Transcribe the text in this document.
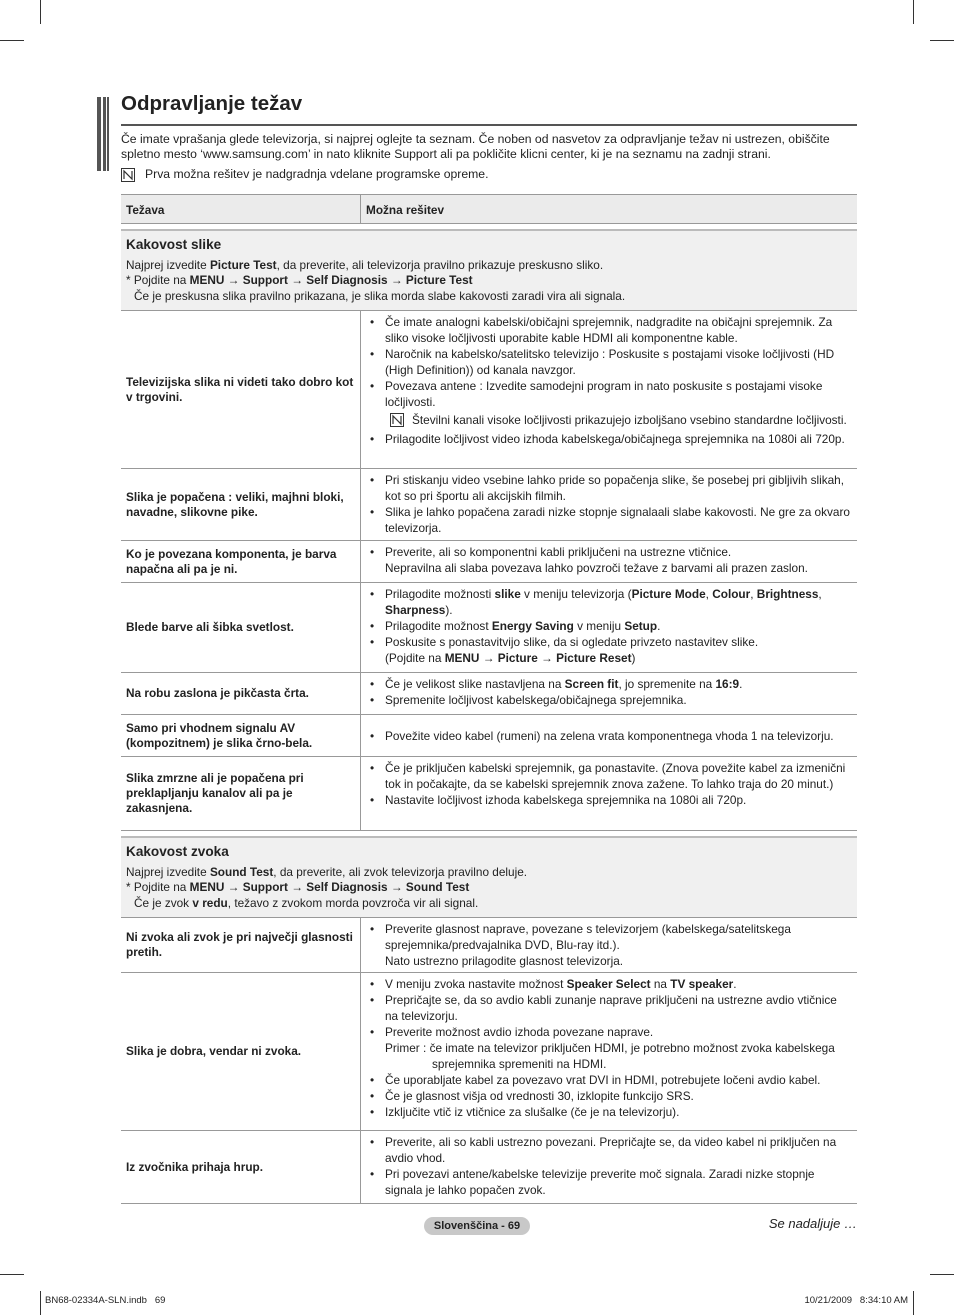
Odpravljanje težav
Če imate vprašanja glede televizorja, si najprej oglejte ta seznam. Če noben od nasvetov za odpravljanje težav ni ustrezen, obiščite spletno mesto ‘www.samsung.com’ in nato kliknite Support ali pa pokličite klicni center, ki je na seznamu na zadnji strani.
Prva možna rešitev je nadgradnja vdelane programske opreme.
Težava	Možna rešitev
Kakovost slike
Najprej izvedite Picture Test, da preverite, ali televizorja pravilno prikazuje preskusno sliko.
* Pojdite na MENU → Support → Self Diagnosis → Picture Test
Če je preskusna slika pravilno prikazana, je slika morda slabe kakovosti zaradi vira ali signala.
Televizijska slika ni videti tako dobro kot v trgovini.
• Če imate analogni kabelski/običajni sprejemnik, nadgradite na običajni sprejemnik. Za sliko visoke ločljivosti uporabite kable HDMI ali komponentne kable.
• Naročnik na kabelsko/satelitsko televizijo : Poskusite s postajami visoke ločljivosti (HD (High Definition)) od kanala navzgor.
• Povezava antene : Izvedite samodejni program in nato poskusite s postajami visoke ločljivosti.
Številni kanali visoke ločljivosti prikazujejo izboljšano vsebino standardne ločljivosti.
• Prilagodite ločljivost video izhoda kabelskega/običajnega sprejemnika na 1080i ali 720p.
Slika je popačena : veliki, majhni bloki, navadne, slikovne pike.
• Pri stiskanju video vsebine lahko pride so popačenja slike, še posebej pri gibljivih slikah, kot so pri športu ali akcijskih filmih.
• Slika je lahko popačena zaradi nizke stopnje signalaali slabe kakovosti. Ne gre za okvaro televizorja.
Ko je povezana komponenta, je barva napačna ali pa je ni.
• Preverite, ali so komponentni kabli priključeni na ustrezne vtičnice.
Nepravilna ali slaba povezava lahko povzroči težave z barvami ali prazen zaslon.
Blede barve ali šibka svetlost.
• Prilagodite možnosti slike v meniju televizorja (Picture Mode, Colour, Brightness, Sharpness).
• Prilagodite možnost Energy Saving v meniju Setup.
• Poskusite s ponastavitvijo slike, da si ogledate privzeto nastavitev slike.
(Pojdite na MENU → Picture → Picture Reset)
Na robu zaslona je pikčasta črta.
• Če je velikost slike nastavljena na Screen fit, jo spremenite na 16:9.
• Spremenite ločljivost kabelskega/običajnega sprejemnika.
Samo pri vhodnem signalu AV (kompozitnem) je slika črno-bela.
•	Povežite video kabel (rumeni) na zelena vrata komponentnega vhoda 1 na televizorju.
Slika zmrzne ali je popačena pri preklapljanju kanalov ali pa je zakasnjena.
• Če je priključen kabelski sprejemnik, ga ponastavite. (Znova povežite kabel za izmenični tok in počakajte, da se kabelski sprejemnik znova zažene. To lahko traja do 20 minut.)
• Nastavite ločljivost izhoda kabelskega sprejemnika na 1080i ali 720p.
Kakovost zvoka
Najprej izvedite Sound Test, da preverite, ali zvok televizorja pravilno deluje.
* Pojdite na MENU → Support → Self Diagnosis → Sound Test
Če je zvok v redu, težavo z zvokom morda povzroča vir ali signal.
Ni zvoka ali zvok je pri največji glasnosti pretih.
• Preverite glasnost naprave, povezane s televizorjem (kabelskega/satelitskega sprejemnika/predvajalnika DVD, Blu-ray itd.).
Nato ustrezno prilagodite glasnost televizorja.
Slika je dobra, vendar ni zvoka.
• V meniju zvoka nastavite možnost Speaker Select na TV speaker.
• Prepričajte se, da so avdio kabli zunanje naprave priključeni na ustrezne avdio vtičnice na televizorju.
• Preverite možnost avdio izhoda povezane naprave.
Primer : če imate na televizor priključen HDMI, je potrebno možnost zvoka kabelskega
sprejemnika spremeniti na HDMI.
• Če uporabljate kabel za povezavo vrat DVI in HDMI, potrebujete ločeni avdio kabel.
• Če je glasnost višja od vrednosti 30, izklopite funkcijo SRS.
• Izključite vtič iz vtičnice za slušalke (če je na televizorju).
Iz zvočnika prihaja hrup.
• Preverite, ali so kabli ustrezno povezani. Prepričajte se, da video kabel ni priključen na avdio vhod.
• Pri povezavi antene/kabelske televizije preverite moč signala. Zaradi nizke stopnje signala je lahko popačen zvok.
Slovenščina - 69	Se nadaljuje …
BN68-02334A-SLN.indb   69	10/21/2009   8:34:10 AM
